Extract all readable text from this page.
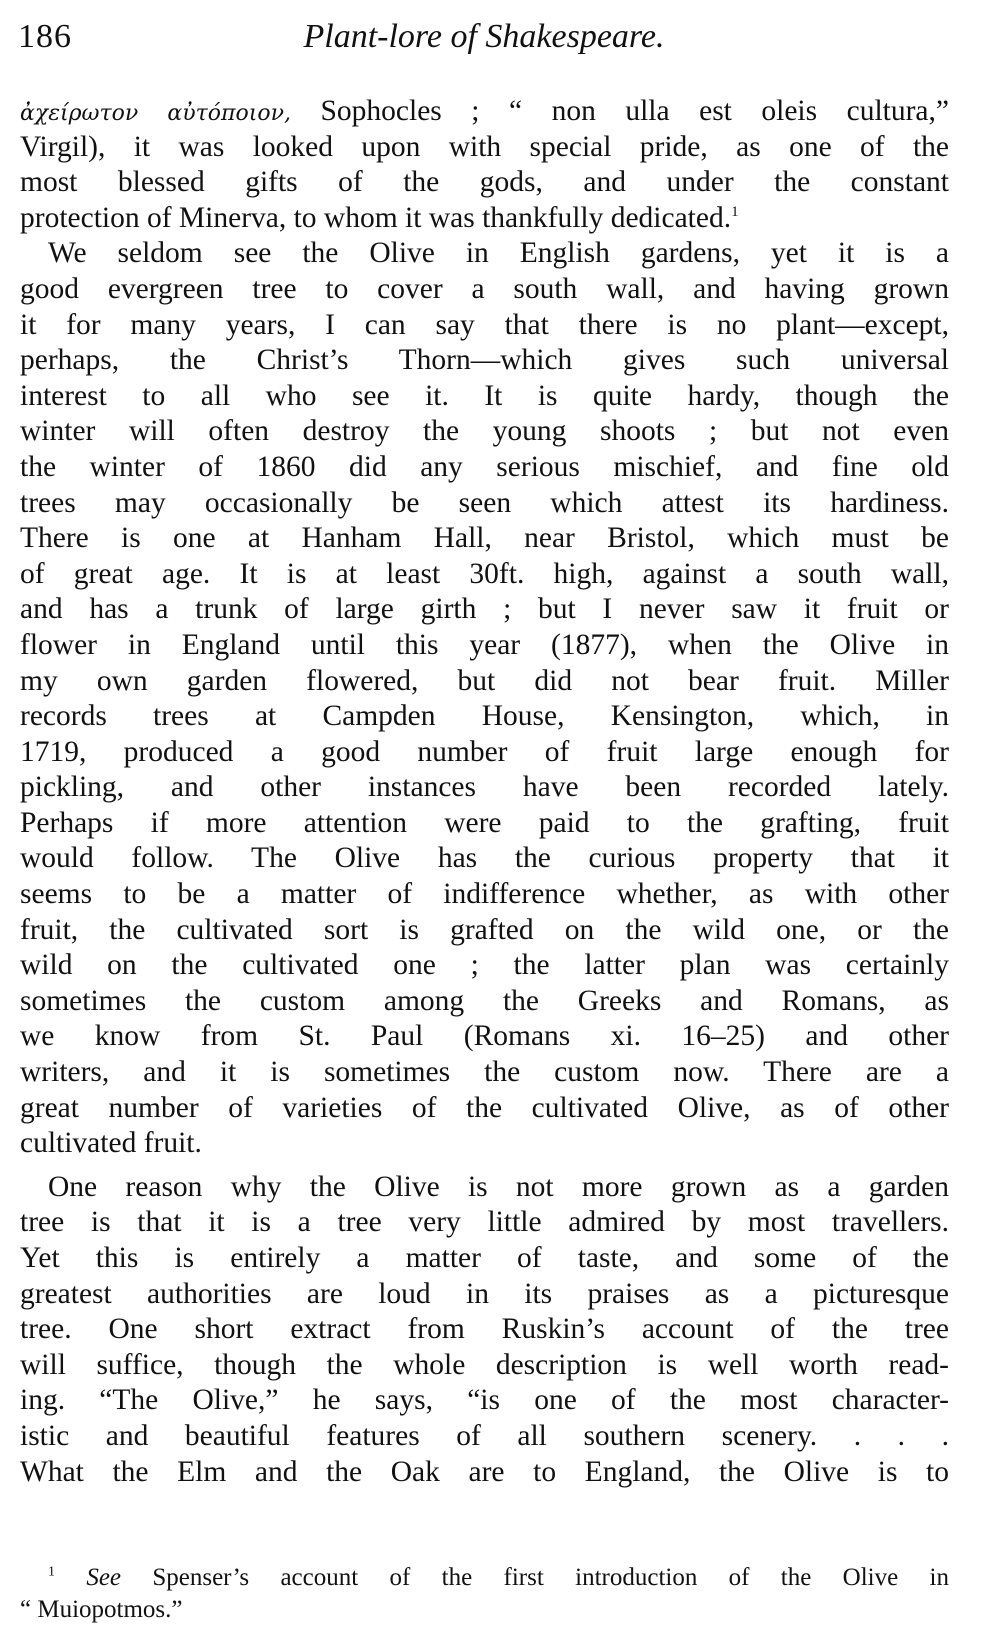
186	Plant-lore of Shakespeare.
ἀχείρωτον αὐτόποιον, Sophocles ; “ non ulla est oleis cultura,”
Virgil), it was looked upon with special pride, as one of the
most blessed gifts of the gods, and under the constant
protection of Minerva, to whom it was thankfully dedicated.$^1$
We seldom see the Olive in English gardens, yet it is a
good evergreen tree to cover a south wall, and having grown
it for many years, I can say that there is no plant—except,
perhaps, the Christ’s Thorn—which gives such universal
interest to all who see it. It is quite hardy, though the
winter will often destroy the young shoots ; but not even
the winter of 1860 did any serious mischief, and fine old
trees may occasionally be seen which attest its hardiness.
There is one at Hanham Hall, near Bristol, which must be
of great age. It is at least 30ft. high, against a south wall,
and has a trunk of large girth ; but I never saw it fruit or
flower in England until this year (1877), when the Olive in
my own garden flowered, but did not bear fruit. Miller
records trees at Campden House, Kensington, which, in
1719, produced a good number of fruit large enough for
pickling, and other instances have been recorded lately.
Perhaps if more attention were paid to the grafting, fruit
would follow. The Olive has the curious property that it
seems to be a matter of indifference whether, as with other
fruit, the cultivated sort is grafted on the wild one, or the
wild on the cultivated one ; the latter plan was certainly
sometimes the custom among the Greeks and Romans, as
we know from St. Paul (Romans xi. 16–25) and other
writers, and it is sometimes the custom now. There are a
great number of varieties of the cultivated Olive, as of other
cultivated fruit.
One reason why the Olive is not more grown as a garden
tree is that it is a tree very little admired by most travellers.
Yet this is entirely a matter of taste, and some of the
greatest authorities are loud in its praises as a picturesque
tree. One short extract from Ruskin’s account of the tree
will suffice, though the whole description is well worth read-
ing. “The Olive,” he says, “is one of the most character-
istic and beautiful features of all southern scenery. . . .
What the Elm and the Oak are to England, the Olive is to
$^1$ See Spenser’s account of the first introduction of the Olive in
“ Muiopotmos.”
